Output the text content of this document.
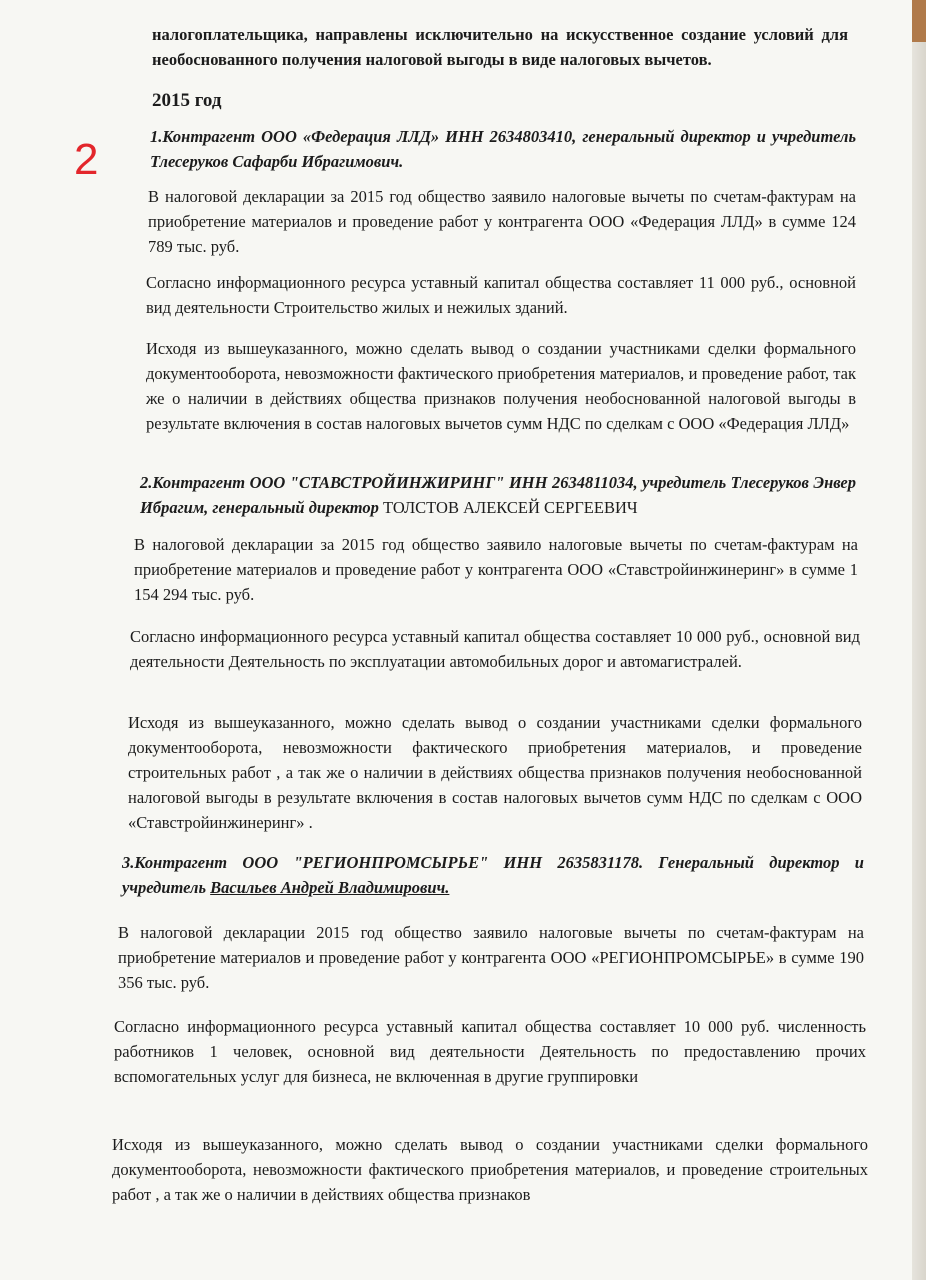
2
налогоплательщика, направлены исключительно на искусственное создание условий для необоснованного получения налоговой выгоды в виде налоговых вычетов.
2015 год
1.Контрагент ООО «Федерация ЛЛД» ИНН 2634803410, генеральный директор и учредитель Тлесеруков Сафарби Ибрагимович.
В налоговой декларации за 2015 год общество заявило налоговые вычеты по счетам-фактурам на приобретение материалов и проведение работ у контрагента ООО «Федерация ЛЛД» в сумме 124 789 тыс. руб.
Согласно информационного ресурса уставный капитал общества составляет 11 000 руб., основной вид деятельности Строительство жилых и нежилых зданий.
Исходя из вышеуказанного, можно сделать вывод о создании участниками сделки формального документооборота, невозможности фактического приобретения материалов, и проведение работ, так же о наличии в действиях общества признаков получения необоснованной налоговой выгоды в результате включения в состав налоговых вычетов сумм НДС по сделкам с ООО «Федерация ЛЛД»
2.Контрагент ООО "СТАВСТРОЙИНЖИРИНГ" ИНН 2634811034, учредитель Тлесеруков Энвер Ибрагим, генеральный директор ТОЛСТОВ АЛЕКСЕЙ СЕРГЕЕВИЧ
В налоговой декларации за 2015 год общество заявило налоговые вычеты по счетам-фактурам на приобретение материалов и проведение работ у контрагента ООО «Ставстройинжинеринг» в сумме 1 154 294 тыс. руб.
Согласно информационного ресурса уставный капитал общества составляет 10 000 руб., основной вид деятельности Деятельность по эксплуатации автомобильных дорог и автомагистралей.
Исходя из вышеуказанного, можно сделать вывод о создании участниками сделки формального документооборота, невозможности фактического приобретения материалов, и проведение строительных работ , а так же о наличии в действиях общества признаков получения необоснованной налоговой выгоды в результате включения в состав налоговых вычетов сумм НДС по сделкам с ООО «Ставстройинжинеринг» .
3.Контрагент ООО "РЕГИОНПРОМСЫРЬЕ" ИНН 2635831178. Генеральный директор и учредитель Васильев Андрей Владимирович.
В налоговой декларации 2015 год общество заявило налоговые вычеты по счетам-фактурам на приобретение материалов и проведение работ у контрагента ООО «РЕГИОНПРОМСЫРЬЕ» в сумме 190 356 тыс. руб.
Согласно информационного ресурса уставный капитал общества составляет 10 000 руб. численность работников 1 человек, основной вид деятельности Деятельность по предоставлению прочих вспомогательных услуг для бизнеса, не включенная в другие группировки
Исходя из вышеуказанного, можно сделать вывод о создании участниками сделки формального документооборота, невозможности фактического приобретения материалов, и проведение строительных работ , а так же о наличии в действиях общества признаков
